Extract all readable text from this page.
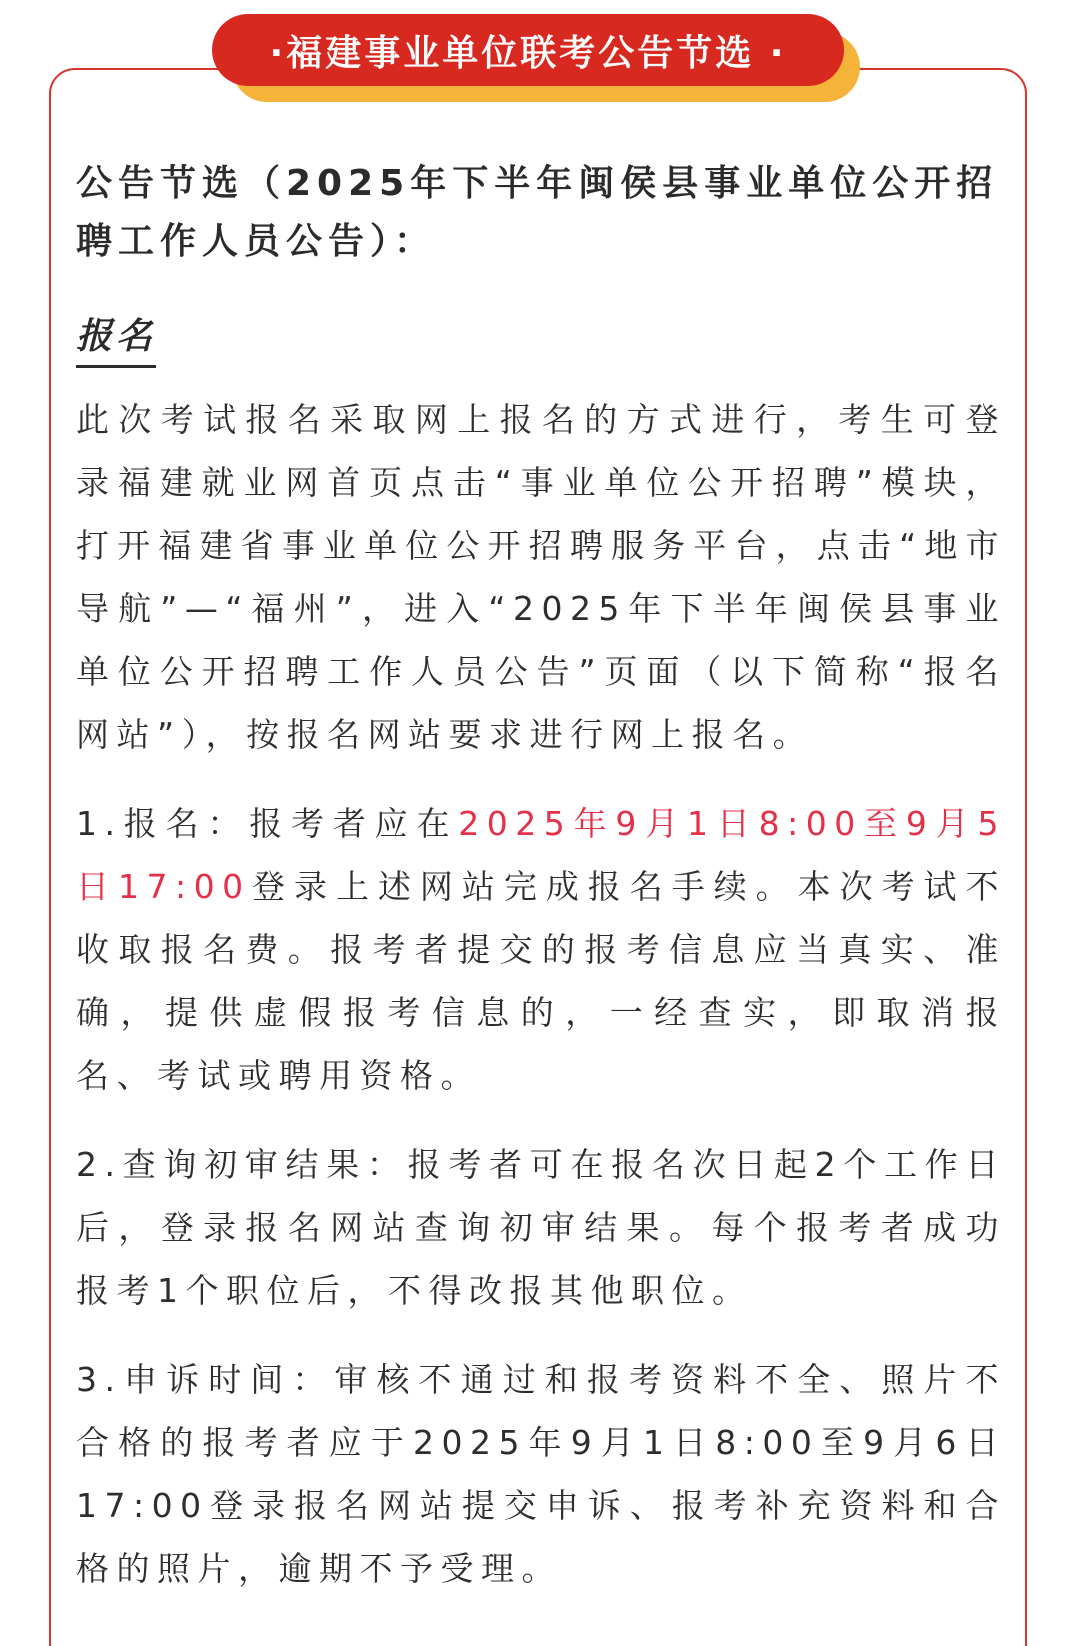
·福建事业单位联考公告节选 ·

公告节选（2025年下半年闽侯县事业单位公开招聘工作人员公告）：

报名

此次考试报名采取网上报名的方式进行，考生可登录福建就业网首页点击“事业单位公开招聘”模块，打开福建省事业单位公开招聘服务平台，点击“地市导航”—“福州”，进入“2025年下半年闽侯县事业单位公开招聘工作人员公告”页面（以下简称“报名网站”），按报名网站要求进行网上报名。

1.报名：报考者应在2025年9月1日8:00至9月5日17:00登录上述网站完成报名手续。本次考试不收取报名费。报考者提交的报考信息应当真实、准确，提供虚假报考信息的，一经查实，即取消报名、考试或聘用资格。

2.查询初审结果：报考者可在报名次日起2个工作日后，登录报名网站查询初审结果。每个报考者成功报考1个职位后，不得改报其他职位。

3.申诉时间：审核不通过和报考资料不全、照片不合格的报考者应于2025年9月1日8:00至9月6日17:00登录报名网站提交申诉、报考补充资料和合格的照片，逾期不予受理。
